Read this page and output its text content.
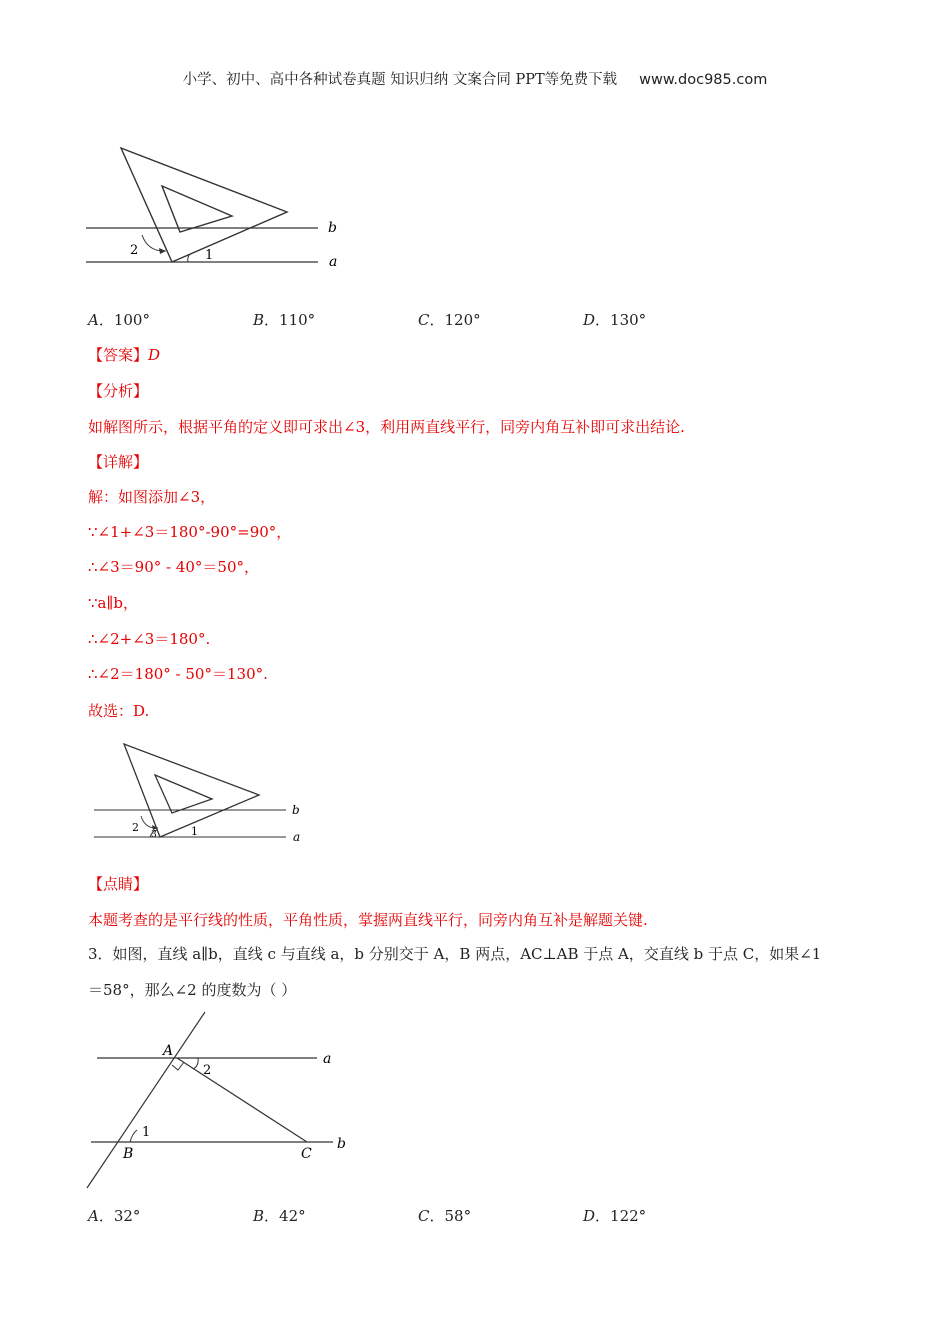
小学、初中、高中各种试卷真题 知识归纳 文案合同 PPT等免费下载 www.doc985.com
2	1
b
a
A．100°	B．110°	C．120°	D．130°
【答案】D
【分析】
如解图所示，根据平角的定义即可求出∠3，利用两直线平行，同旁内角互补即可求出结论.
【详解】
解：如图添加∠3，
∵∠1+∠3＝180°-90°=90°，
∴∠3＝90° - 40°＝50°，
∵a∥b，
∴∠2+∠3＝180°.
∴∠2＝180° - 50°＝130°.
故选：D.
2
3	1
b
a
【点睛】
本题考查的是平行线的性质，平角性质，掌握两直线平行，同旁内角互补是解题关键.
3．如图，直线 a∥b，直线 c 与直线 a，b 分别交于 A，B 两点，AC⊥AB 于点 A，交直线 b 于点 C，如果∠1
＝58°，那么∠2 的度数为（ ）
A
2
a
1
B	C
b
A．32°	B．42°	C．58°	D．122°
